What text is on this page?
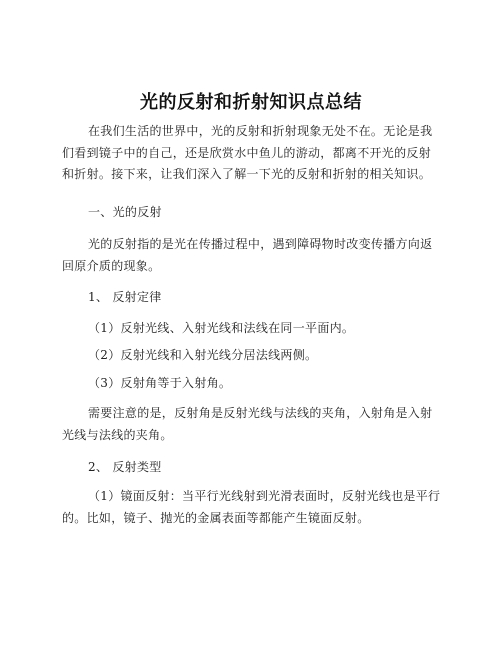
光的反射和折射知识点总结

在我们生活的世界中，光的反射和折射现象无处不在。无论是我们看到镜子中的自己，还是欣赏水中鱼儿的游动，都离不开光的反射和折射。接下来，让我们深入了解一下光的反射和折射的相关知识。

一、光的反射

光的反射指的是光在传播过程中，遇到障碍物时改变传播方向返回原介质的现象。

1、 反射定律

（1）反射光线、入射光线和法线在同一平面内。

（2）反射光线和入射光线分居法线两侧。

（3）反射角等于入射角。

需要注意的是，反射角是反射光线与法线的夹角，入射角是入射光线与法线的夹角。

2、 反射类型

（1）镜面反射：当平行光线射到光滑表面时，反射光线也是平行的。比如，镜子、抛光的金属表面等都能产生镜面反射。
